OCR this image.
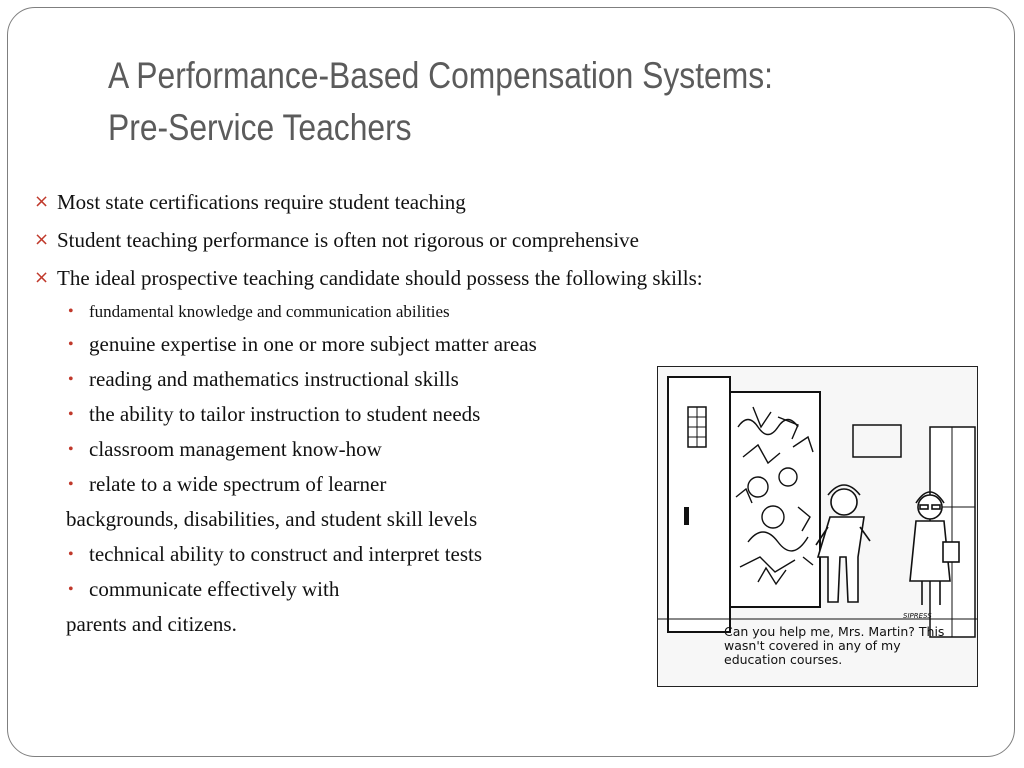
A Performance-Based Compensation Systems:
Pre-Service Teachers
× Most state certifications require student teaching
× Student teaching performance is often not rigorous or comprehensive
× The ideal prospective teaching candidate should possess the following skills:
• fundamental knowledge and communication abilities
• genuine expertise in one or more subject matter areas
• reading and mathematics instructional skills
• the ability to tailor instruction to student needs
• classroom management know-how
• relate to a wide spectrum of learner
backgrounds, disabilities, and student skill levels
• technical ability to construct and interpret tests
• communicate effectively with
parents and citizens.	SIPRESS
Can you help me, Mrs. Martin? This
wasn't covered in any of my
education courses.
